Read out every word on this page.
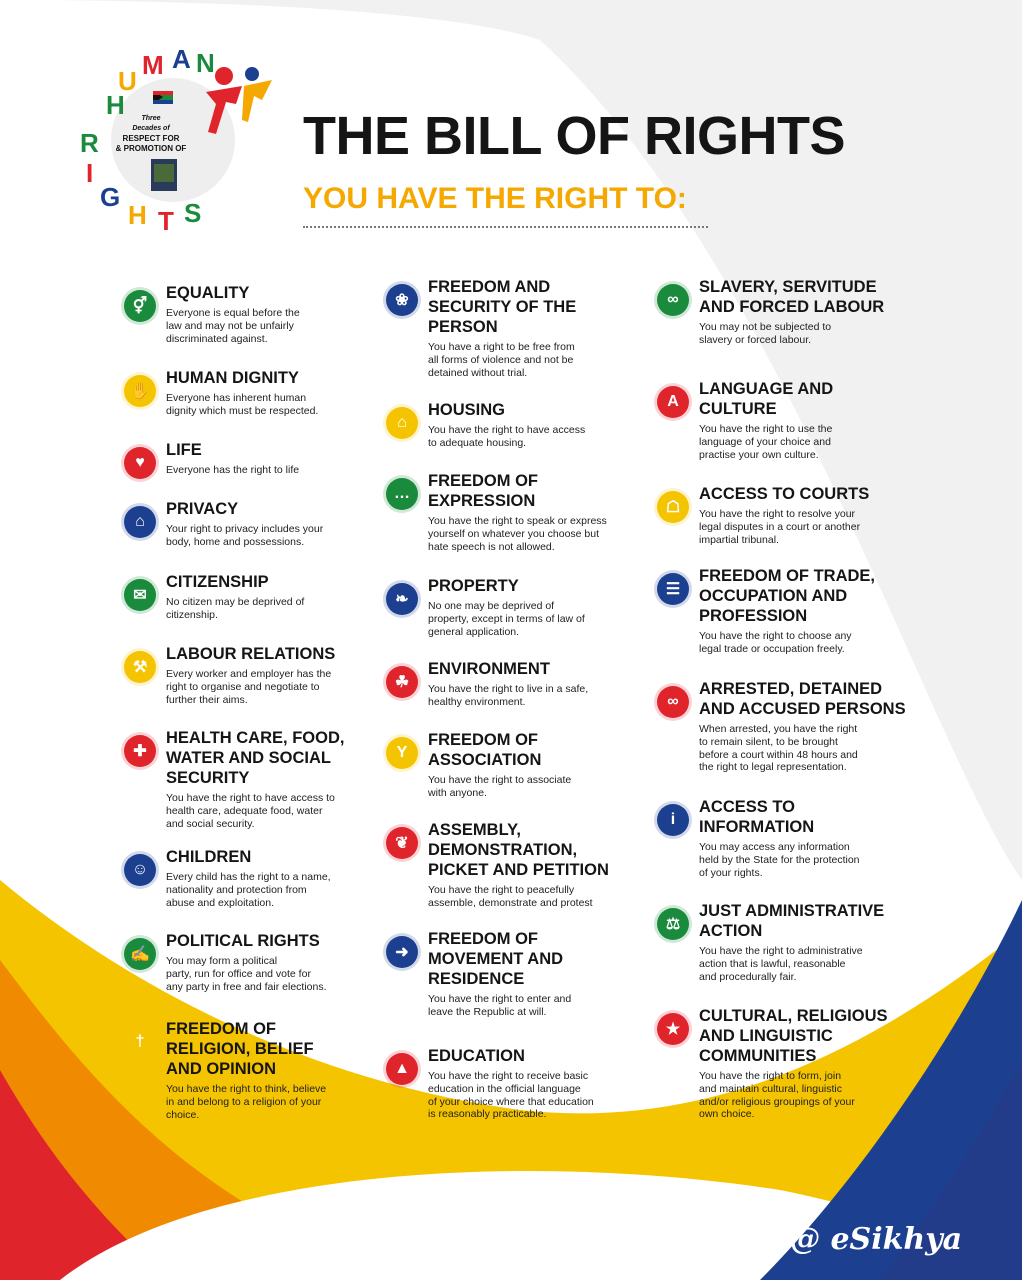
H
U
M A N
R
I
G
H T S
Three
Decades of
RESPECT FOR
& PROMOTION OF THE BILL OF RIGHTS
YOU HAVE THE RIGHT TO:
⚥
EQUALITY
Everyone is equal before the
law and may not be unfairly
discriminated against.
✋
HUMAN DIGNITY
Everyone has inherent human
dignity which must be respected.
♥
LIFE
Everyone has the right to life
⌂
PRIVACY
Your right to privacy includes your
body, home and possessions.
✉
CITIZENSHIP
No citizen may be deprived of
citizenship.
⚒
LABOUR RELATIONS
Every worker and employer has the
right to organise and negotiate to
further their aims.
✚
HEALTH CARE, FOOD,
WATER AND SOCIAL
SECURITY
You have the right to have access to
health care, adequate food, water
and social security.
☺
CHILDREN
Every child has the right to a name,
nationality and protection from
abuse and exploitation.
✍
POLITICAL RIGHTS
You may form a political
party, run for office and vote for
any party in free and fair elections.
†
FREEDOM OF
RELIGION, BELIEF
AND OPINION
You have the right to think, believe
in and belong to a religion of your
choice.
❀
FREEDOM AND
SECURITY OF THE
PERSON
You have a right to be free from
all forms of violence and not be
detained without trial.
⌂
HOUSING
You have the right to have access
to adequate housing.
…
FREEDOM OF
EXPRESSION
You have the right to speak or express
yourself on whatever you choose but
hate speech is not allowed.
❧
PROPERTY
No one may be deprived of
property, except in terms of law of
general application.
☘
ENVIRONMENT
You have the right to live in a safe,
healthy environment.
Y
FREEDOM OF
ASSOCIATION
You have the right to associate
with anyone.
❦
ASSEMBLY,
DEMONSTRATION,
PICKET AND PETITION
You have the right to peacefully
assemble, demonstrate and protest
➜
FREEDOM OF
MOVEMENT AND
RESIDENCE
You have the right to enter and
leave the Republic at will.
▲
EDUCATION
You have the right to receive basic
education in the official language
of your choice where that education
is reasonably practicable.
∞
SLAVERY, SERVITUDE
AND FORCED LABOUR
You may not be subjected to
slavery or forced labour.
A
LANGUAGE AND
CULTURE
You have the right to use the
language of your choice and
practise your own culture.
☖
ACCESS TO COURTS
You have the right to resolve your
legal disputes in a court or another
impartial tribunal.
☰
FREEDOM OF TRADE,
OCCUPATION AND
PROFESSION
You have the right to choose any
legal trade or occupation freely.
∞
ARRESTED, DETAINED
AND ACCUSED PERSONS
When arrested, you have the right
to remain silent, to be brought
before a court within 48 hours and
the right to legal representation.
i
ACCESS TO
INFORMATION
You may access any information
held by the State for the protection
of your rights.
⚖
JUST ADMINISTRATIVE
ACTION
You have the right to administrative
action that is lawful, reasonable
and procedurally fair.
★
CULTURAL, RELIGIOUS
AND LINGUISTIC
COMMUNITIES
You have the right to form, join
and maintain cultural, linguistic
and/or religious groupings of your
own choice.
@ eSikhya
